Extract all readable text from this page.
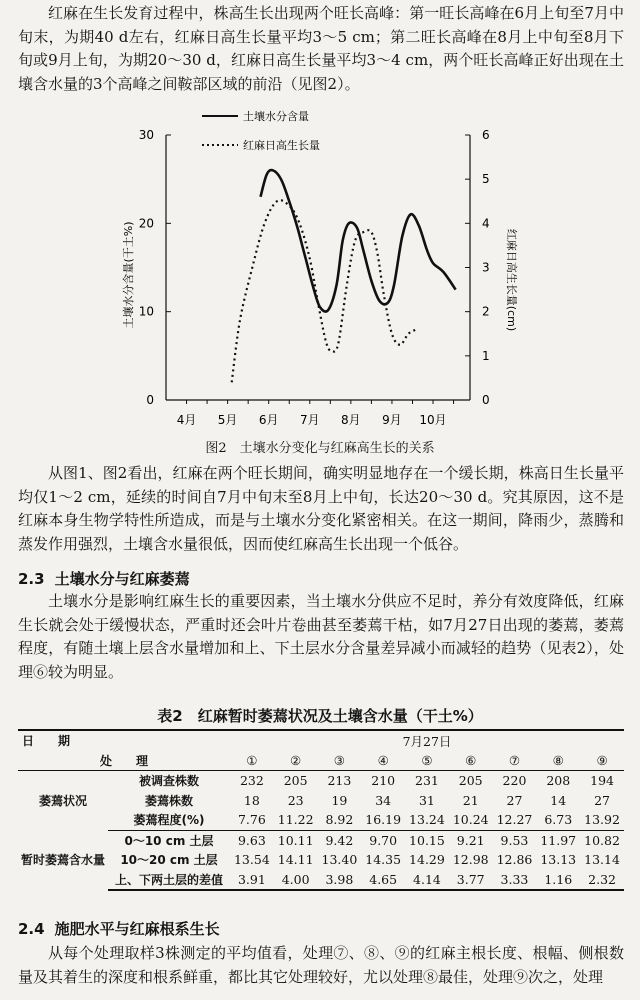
红麻在生长发育过程中，株高生长出现两个旺长高峰：第一旺长高峰在6月上旬至7月中旬末，为期40 d左右，红麻日高生长量平均3～5 cm；第二旺长高峰在8月上中旬至8月下旬或9月上旬，为期20～30 d，红麻日高生长量平均3～4 cm，两个旺长高峰正好出现在土壤含水量的3个高峰之间鞍部区域的前沿（见图2）。

0
10
20
30
0
1
2
3
4
5
6
4月 5月 6月 7月 8月 9月 10月
土壤水分含量
红麻日高生长量
土壤水分含量(干土%)	红麻日高生长量(cm)
图2　土壤水分变化与红麻高生长的关系

从图1、图2看出，红麻在两个旺长期间，确实明显地存在一个缓长期，株高日生长量平均仅1～2 cm，延续的时间自7月中旬末至8月上中旬，长达20～30 d。究其原因，这不是红麻本身生物学特性所造成，而是与土壤水分变化紧密相关。在这一期间，降雨少，蒸腾和蒸发作用强烈，土壤含水量很低，因而使红麻高生长出现一个低谷。

2.3 土壤水分与红麻萎蔫

土壤水分是影响红麻生长的重要因素，当土壤水分供应不足时，养分有效度降低，红麻生长就会处于缓慢状态，严重时还会叶片卷曲甚至萎蔫干枯，如7月27日出现的萎蔫，萎蔫程度，有随土壤上层含水量增加和上、下土层水分含量差异减小而减轻的趋势（见表2），处理⑥较为明显。

表2　红麻暂时萎蔫状况及土壤含水量（干土%）
日　　期		7月27日								
处　　理		①	②	③	④	⑤	⑥	⑦	⑧	⑨
萎蔫状况	被调查株数	232	205	213	210	231	205	220	208	194
	萎蔫株数	18	23	19	34	31	21	27	14	27
	萎蔫程度(%)	7.76	11.22	8.92	16.19	13.24	10.24	12.27	6.73	13.92
暂时萎蔫含水量	0～10 cm 土层	9.63	10.11	9.42	9.70	10.15	9.21	9.53	11.97	10.82
	10～20 cm 土层	13.54	14.11	13.40	14.35	14.29	12.98	12.86	13.13	13.14
	上、下两土层的差值	3.91	4.00	3.98	4.65	4.14	3.77	3.33	1.16	2.32
2.4 施肥水平与红麻根系生长

从每个处理取样3株测定的平均值看，处理⑦、⑧、⑨的红麻主根长度、根幅、侧根数量及其着生的深度和根系鲜重，都比其它处理较好，尤以处理⑧最佳，处理⑨次之，处理
